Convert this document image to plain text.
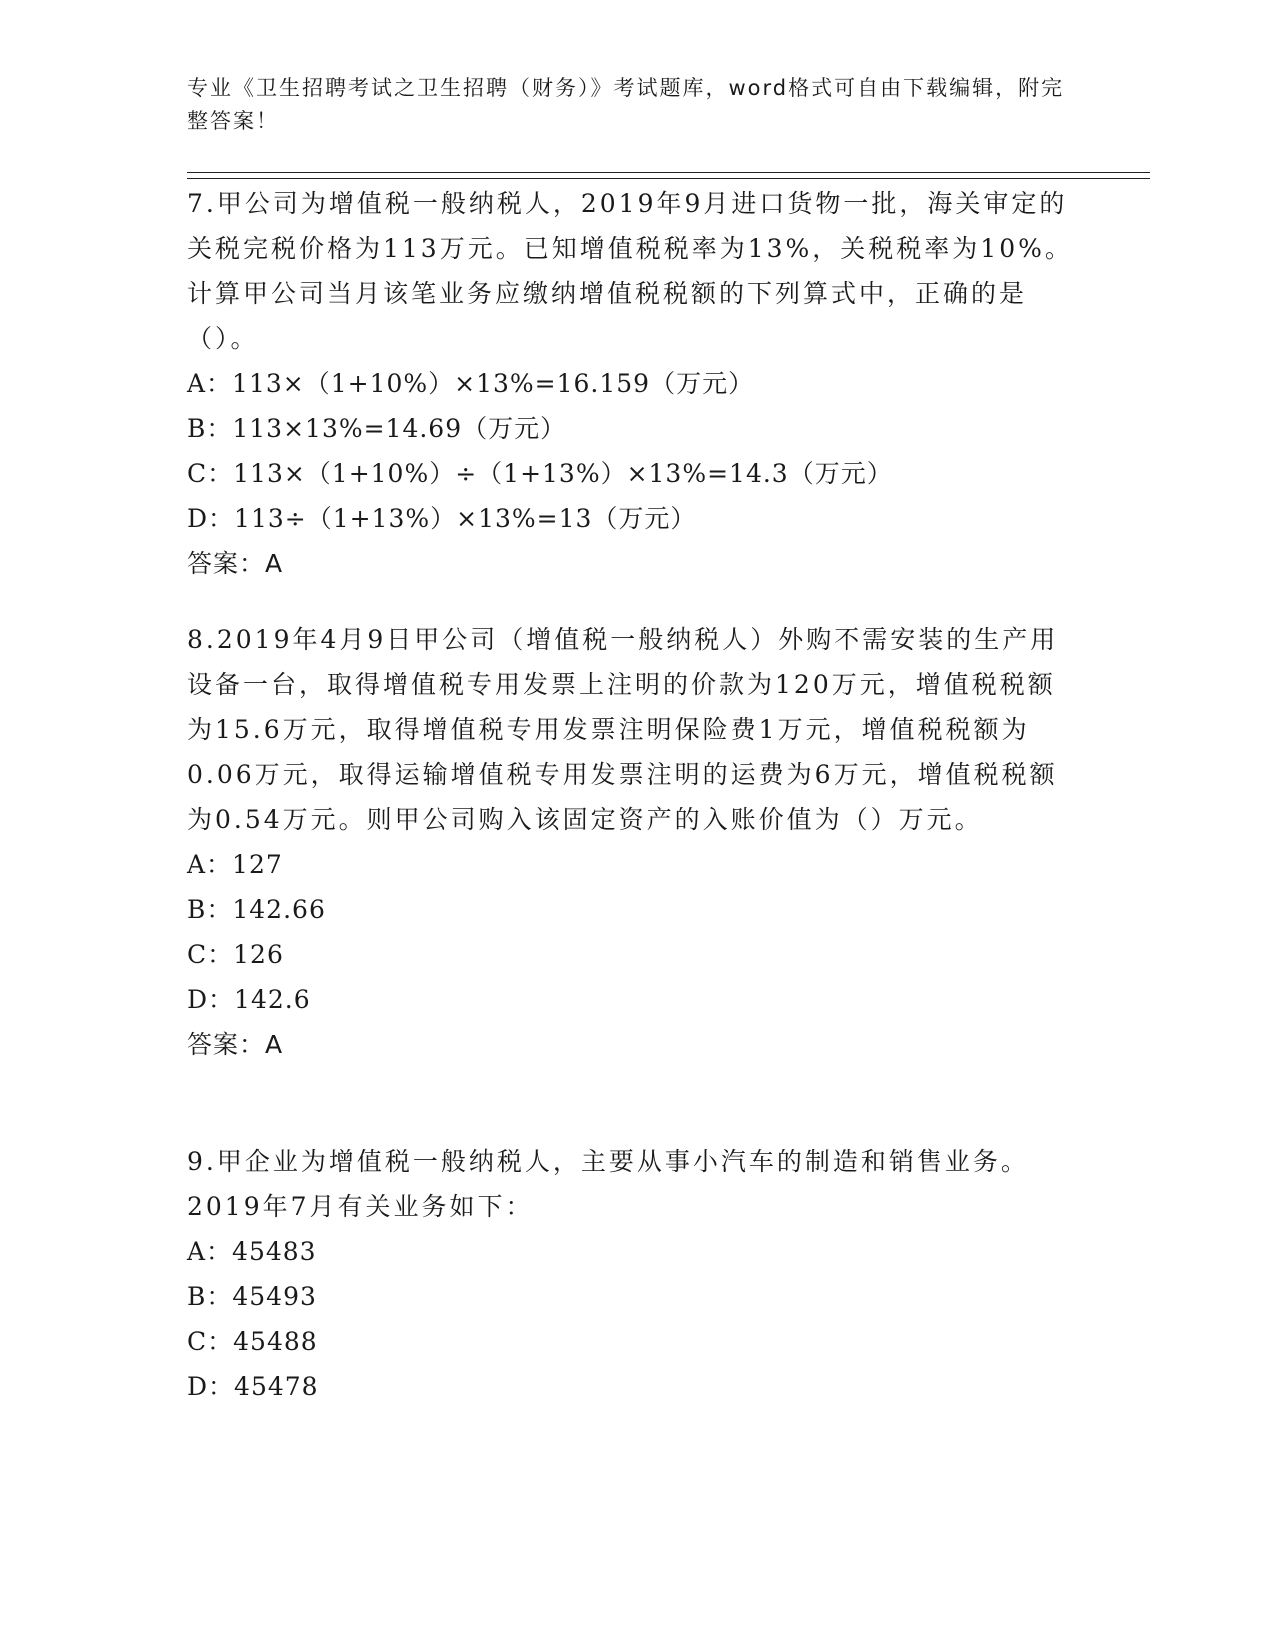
专业《卫生招聘考试之卫生招聘（财务）》考试题库，word格式可自由下载编辑，附完整答案！

7.甲公司为增值税一般纳税人，2019年9月进口货物一批，海关审定的关税完税价格为113万元。已知增值税税率为13%，关税税率为10%。计算甲公司当月该笔业务应缴纳增值税税额的下列算式中，正确的是（）。

A：113×（1+10%）×13%=16.159（万元）

B：113×13%=14.69（万元）

C：113×（1+10%）÷（1+13%）×13%=14.3（万元）

D：113÷（1+13%）×13%=13（万元）

答案：A

8.2019年4月9日甲公司（增值税一般纳税人）外购不需安装的生产用设备一台，取得增值税专用发票上注明的价款为120万元，增值税税额为15.6万元，取得增值税专用发票注明保险费1万元，增值税税额为0.06万元，取得运输增值税专用发票注明的运费为6万元，增值税税额为0.54万元。则甲公司购入该固定资产的入账价值为（）万元。

A：127

B：142.66

C：126

D：142.6

答案：A

9.甲企业为增值税一般纳税人，主要从事小汽车的制造和销售业务。2019年7月有关业务如下：

A：45483

B：45493

C：45488

D：45478
